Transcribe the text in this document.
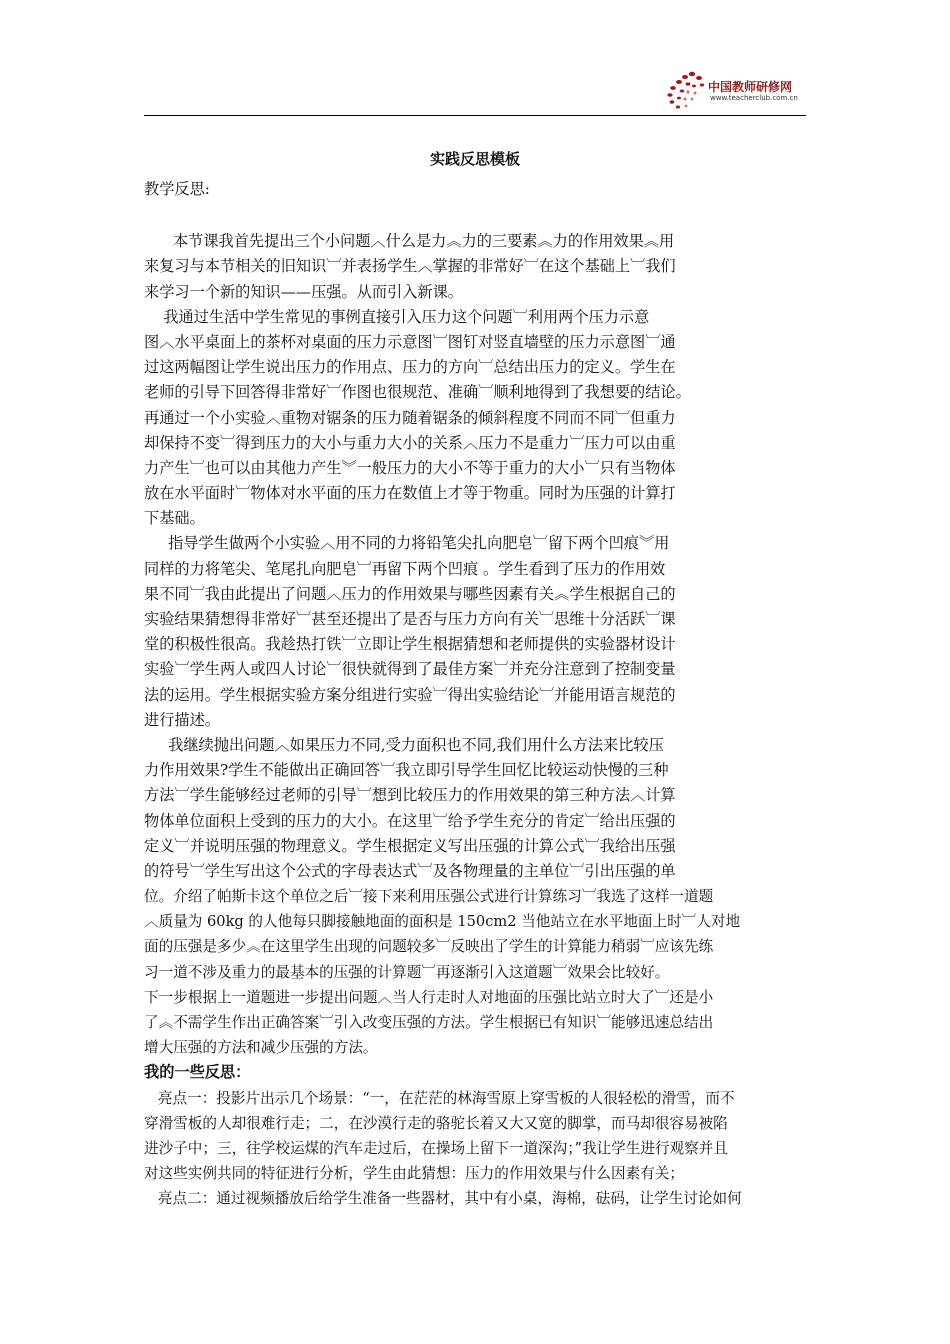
中国教师研修网
www.teacherclub.com.cn
实践反思模板
教学反思:
本节课我首先提出三个小问题︿什么是力︽力的三要素︽力的作用效果︽用
来复习与本节相关的旧知识︺并表扬学生︿掌握的非常好︺在这个基础上︺我们
来学习一个新的知识——压强。从而引入新课。
我通过生活中学生常见的事例直接引入压力这个问题︺利用两个压力示意
图︿水平桌面上的茶杯对桌面的压力示意图︺图钉对竖直墙壁的压力示意图︺通
过这两幅图让学生说出压力的作用点、压力的方向︺总结出压力的定义。学生在
老师的引导下回答得非常好︺作图也很规范、准确︺顺利地得到了我想要的结论。
再通过一个小实验︿重物对锯条的压力随着锯条的倾斜程度不同而不同︺但重力
却保持不变︺得到压力的大小与重力大小的关系︿压力不是重力︺压力可以由重
力产生︺也可以由其他力产生︾一般压力的大小不等于重力的大小︺只有当物体
放在水平面时︺物体对水平面的压力在数值上才等于物重。同时为压强的计算打
下基础。
指导学生做两个小实验︿用不同的力将铅笔尖扎向肥皂︺留下两个凹痕︾用
同样的力将笔尖、笔尾扎向肥皂︺再留下两个凹痕 。学生看到了压力的作用效
果不同︺我由此提出了问题︿压力的作用效果与哪些因素有关︽学生根据自己的
实验结果猜想得非常好︺甚至还提出了是否与压力方向有关︺思维十分活跃︺课
堂的积极性很高。我趁热打铁︺立即让学生根据猜想和老师提供的实验器材设计
实验︺学生两人或四人讨论︺很快就得到了最佳方案︺并充分注意到了控制变量
法的运用。学生根据实验方案分组进行实验︺得出实验结论︺并能用语言规范的
进行描述。
我继续抛出问题︿如果压力不同,受力面积也不同,我们用什么方法来比较压
力作用效果?学生不能做出正确回答︺我立即引导学生回忆比较运动快慢的三种
方法︺学生能够经过老师的引导︺想到比较压力的作用效果的第三种方法︿计算
物体单位面积上受到的压力的大小。在这里︺给予学生充分的肯定︺给出压强的
定义︺并说明压强的物理意义。学生根据定义写出压强的计算公式︺我给出压强
的符号︺学生写出这个公式的字母表达式︺及各物理量的主单位︺引出压强的单
位。介绍了帕斯卡这个单位之后︺接下来利用压强公式进行计算练习︺我选了这样一道题
︿质量为 60kg 的人他每只脚接触地面的面积是 150cm2 当他站立在水平地面上时︺人对地
面的压强是多少︽在这里学生出现的问题较多︺反映出了学生的计算能力稍弱︺应该先练
习一道不涉及重力的最基本的压强的计算题︺再逐渐引入这道题︺效果会比较好。
下一步根据上一道题进一步提出问题︿当人行走时人对地面的压强比站立时大了︺还是小
了︽不需学生作出正确答案︺引入改变压强的方法。学生根据已有知识︺能够迅速总结出
增大压强的方法和减少压强的方法。
我的一些反思：
亮点一：投影片出示几个场景：“一，在茫茫的林海雪原上穿雪板的人很轻松的滑雪，而不
穿滑雪板的人却很难行走；二，在沙漠行走的骆驼长着又大又宽的脚掌，而马却很容易被陷
进沙子中；三，往学校运煤的汽车走过后，在操场上留下一道深沟；”我让学生进行观察并且
对这些实例共同的特征进行分析，学生由此猜想：压力的作用效果与什么因素有关；
亮点二：通过视频播放后给学生准备一些器材，其中有小桌，海棉，砝码，让学生讨论如何
